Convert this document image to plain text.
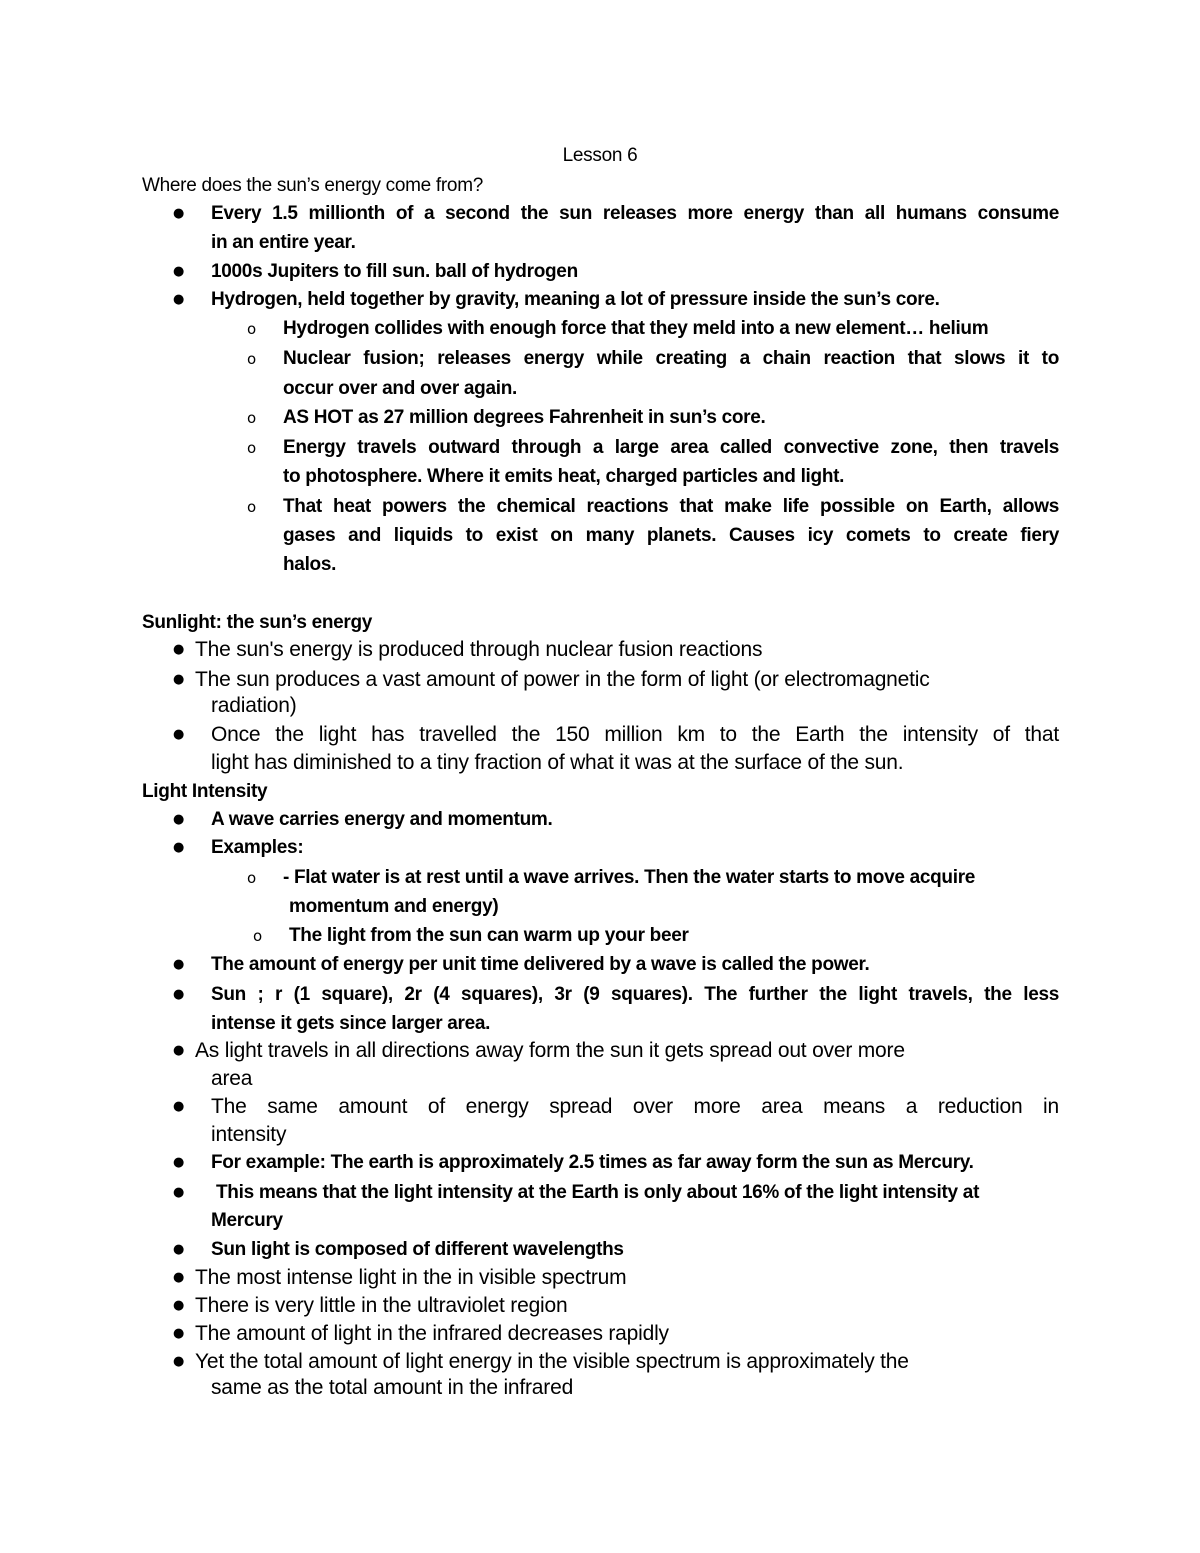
Lesson 6
Where does the sun’s energy come from?
● Every 1.5 millionth of a second the sun releases more energy than all humans consume
in an entire year.
● 1000s Jupiters to fill sun. ball of hydrogen
● Hydrogen, held together by gravity, meaning a lot of pressure inside the sun’s core.
o Hydrogen collides with enough force that they meld into a new element… helium
o Nuclear fusion; releases energy while creating a chain reaction that slows it to
occur over and over again.
o AS HOT as 27 million degrees Fahrenheit in sun’s core.
o Energy travels outward through a large area called convective zone, then travels
to photosphere. Where it emits heat, charged particles and light.
o That heat powers the chemical reactions that make life possible on Earth, allows
gases and liquids to exist on many planets. Causes icy comets to create fiery
halos.
Sunlight: the sun’s energy
● The sun's energy is produced through nuclear fusion reactions
● The sun produces a vast amount of power in the form of light (or electromagnetic
radiation)
● Once the light has travelled the 150 million km to the Earth the intensity of that
light has diminished to a tiny fraction of what it was at the surface of the sun.
Light Intensity
● A wave carries energy and momentum.
● Examples:
o - Flat water is at rest until a wave arrives. Then the water starts to move acquire
momentum and energy)
o The light from the sun can warm up your beer
● The amount of energy per unit time delivered by a wave is called the power.
● Sun ; r (1 square), 2r (4 squares), 3r (9 squares). The further the light travels, the less
intense it gets since larger area.
● As light travels in all directions away form the sun it gets spread out over more
area
● The same amount of energy spread over more area means a reduction in
intensity
● For example: The earth is approximately 2.5 times as far away form the sun as Mercury.
● This means that the light intensity at the Earth is only about 16% of the light intensity at
Mercury
● Sun light is composed of different wavelengths
● The most intense light in the in visible spectrum
● There is very little in the ultraviolet region
● The amount of light in the infrared decreases rapidly
● Yet the total amount of light energy in the visible spectrum is approximately the
same as the total amount in the infrared
